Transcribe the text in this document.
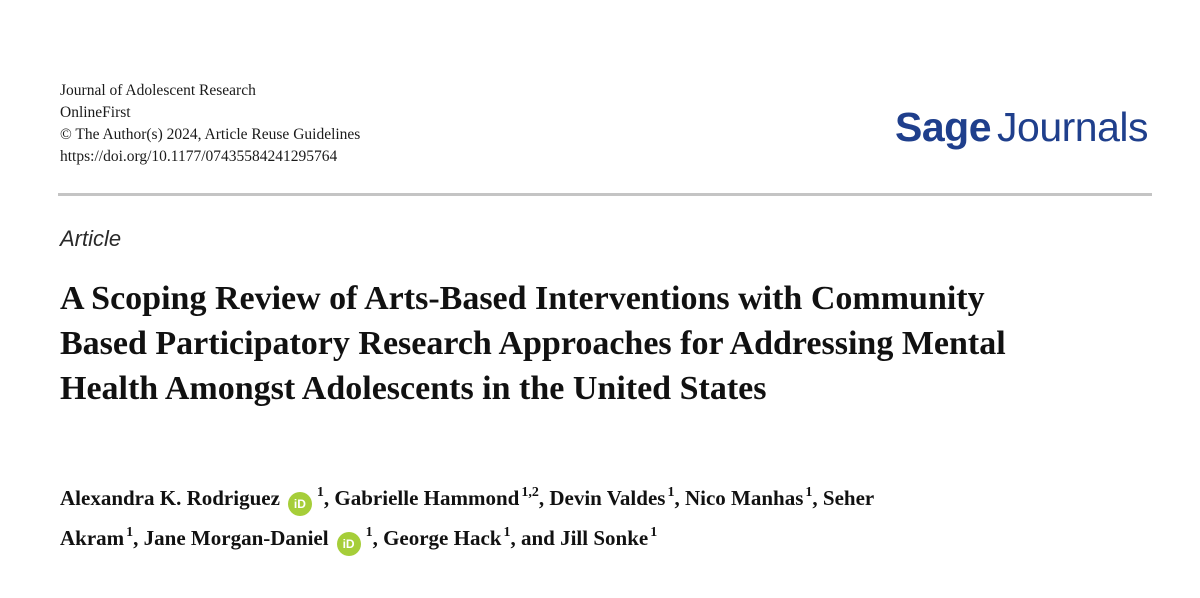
Journal of Adolescent Research
OnlineFirst
© The Author(s) 2024, Article Reuse Guidelines
https://doi.org/10.1177/07435584241295764
Sage Journals
Article
A Scoping Review of Arts-Based Interventions with Community
Based Participatory Research Approaches for Addressing Mental
Health Amongst Adolescents in the United States
Alexandra K. Rodriguez $iD^1$, Gabrielle Hammond $^{1,2}$, Devin Valdes $^1$, Nico Manhas $^1$, Seher
Akram $^1$, Jane Morgan-Daniel $iD^1$, George Hack $^1$, and Jill Sonke $^1$
